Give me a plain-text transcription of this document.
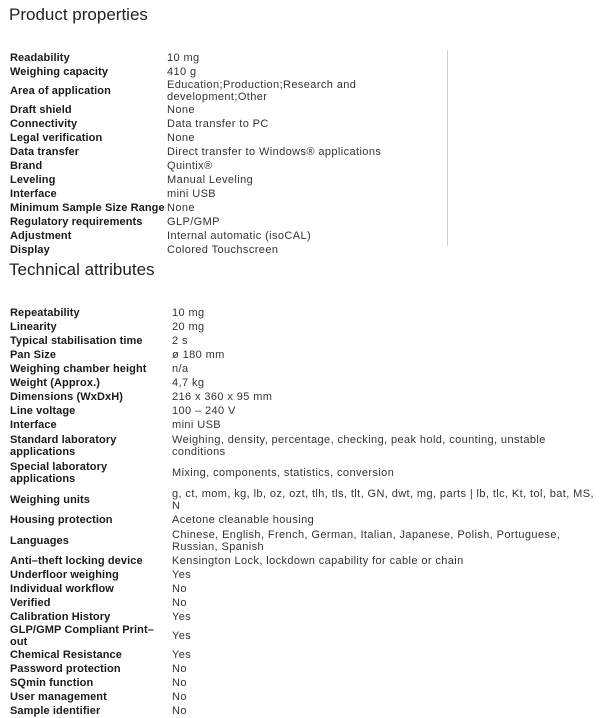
Product properties
Readability	10 mg
Weighing capacity	410 g
Area of application	Education;Production;Research and development;Other
Draft shield	None
Connectivity	Data transfer to PC
Legal verification	None
Data transfer	Direct transfer to Windows® applications
Brand	Quintix®
Leveling	Manual Leveling
Interface	mini USB
Minimum Sample Size Range	None
Regulatory requirements	GLP/GMP
Adjustment	Internal automatic (isoCAL)
Display	Colored Touchscreen
Technical attributes
Repeatability	10 mg
Linearity	20 mg
Typical stabilisation time	2 s
Pan Size	ø 180 mm
Weighing chamber height	n/a
Weight (Approx.)	4,7 kg
Dimensions (WxDxH)	216 x 360 x 95 mm
Line voltage	100 – 240 V
Interface	mini USB
Standard laboratory applications	Weighing, density, percentage, checking, peak hold, counting, unstable conditions
Special laboratory applications	Mixing, components, statistics, conversion
Weighing units	g, ct, mom, kg, lb, oz, ozt, tlh, tls, tlt, GN, dwt, mg, parts | lb, tlc, Kt, tol, bat, MS, N
Housing protection	Acetone cleanable housing
Languages	Chinese, English, French, German, Italian, Japanese, Polish, Portuguese, Russian, Spanish
Anti–theft locking device	Kensington Lock, lockdown capability for cable or chain
Underfloor weighing	Yes
Individual workflow	No
Verified	No
Calibration History	Yes
GLP/GMP Compliant Print–out	Yes
Chemical Resistance	Yes
Password protection	No
SQmin function	No
User management	No
Sample identifier	No
